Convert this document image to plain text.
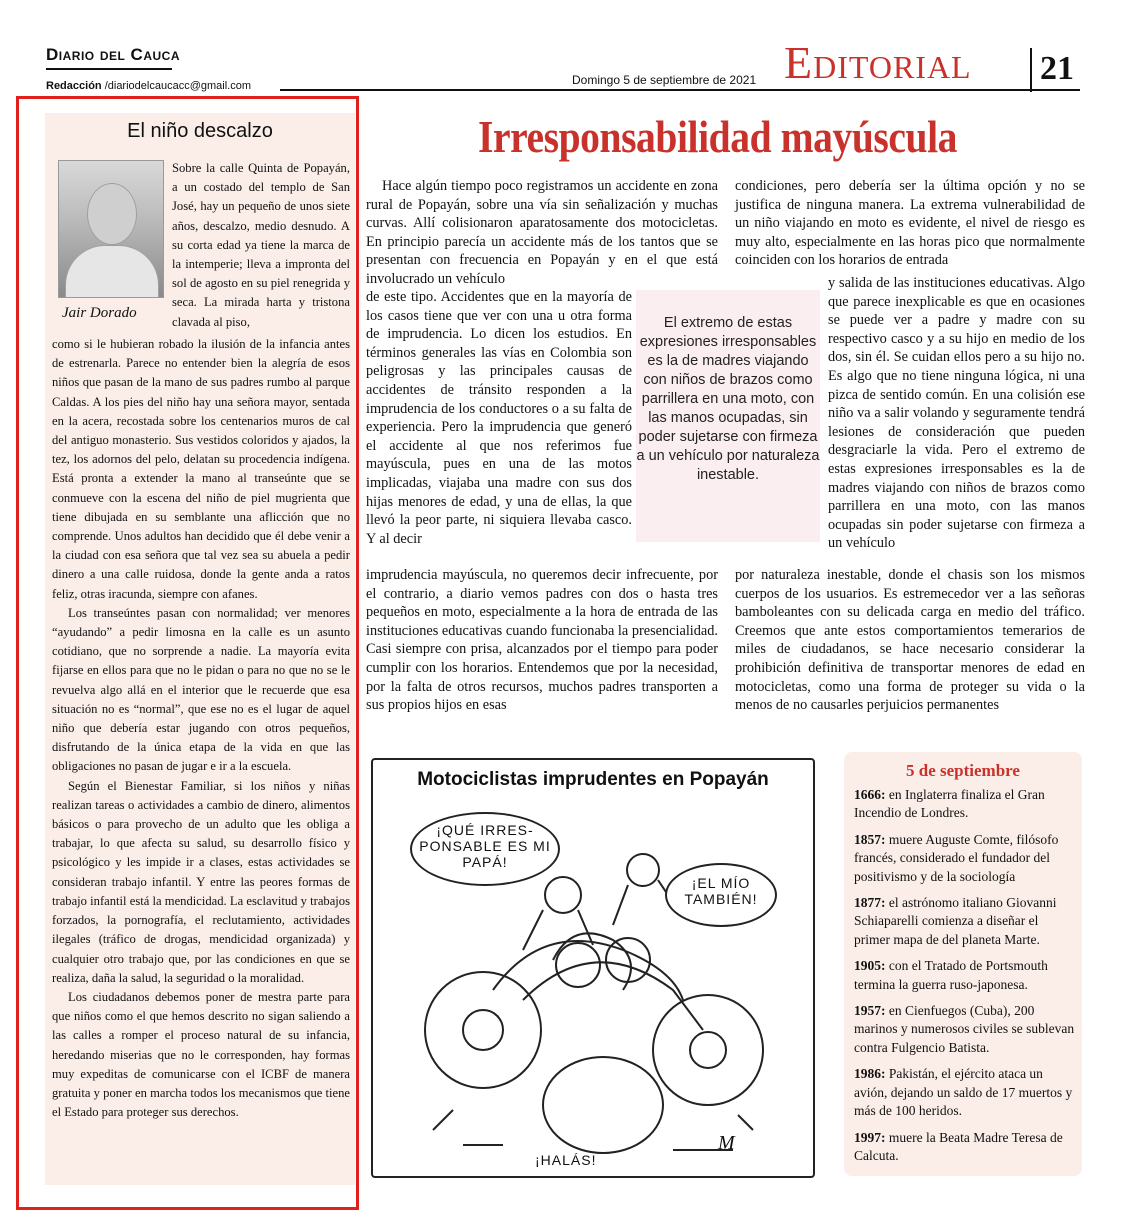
Diario del Cauca
Redacción /diariodelcaucacc@gmail.com	Domingo 5 de septiembre de 2021 Editorial 21
El niño descalzo
Jair Dorado
Sobre la calle Quinta de Popayán, a un costado del templo de San José, hay un pequeño de unos siete años, descalzo, medio desnudo. A su corta edad ya tiene la marca de la intemperie; lleva a impronta del sol de agosto en su piel renegrida y seca. La mirada harta y tristona clavada al piso,

como si le hubieran robado la ilusión de la infancia antes de estrenarla. Parece no entender bien la alegría de esos niños que pasan de la mano de sus padres rumbo al parque Caldas. A los pies del niño hay una señora mayor, sentada en la acera, recostada sobre los centenarios muros de cal del antiguo monasterio. Sus vestidos coloridos y ajados, la tez, los adornos del pelo, delatan su procedencia indígena. Está pronta a extender la mano al transeúnte que se conmueve con la escena del niño de piel mugrienta que tiene dibujada en su semblante una aflicción que no comprende. Unos adultos han decidido que él debe venir a la ciudad con esa señora que tal vez sea su abuela a pedir dinero a una calle ruidosa, donde la gente anda a ratos feliz, otras iracunda, siempre con afanes.

Los transeúntes pasan con normalidad; ver menores “ayudando” a pedir limosna en la calle es un asunto cotidiano, que no sorprende a nadie. La mayoría evita fijarse en ellos para que no le pidan o para no que no se le revuelva algo allá en el interior que le recuerde que esa situación no es “normal”, que ese no es el lugar de aquel niño que debería estar jugando con otros pequeños, disfrutando de la única etapa de la vida en que las obligaciones no pasan de jugar e ir a la escuela.

Según el Bienestar Familiar, si los niños y niñas realizan tareas o actividades a cambio de dinero, alimentos básicos o para provecho de un adulto que les obliga a trabajar, lo que afecta su salud, su desarrollo físico y psicológico y les impide ir a clases, estas actividades se consideran trabajo infantil. Y entre las peores formas de trabajo infantil está la mendicidad. La esclavitud y trabajos forzados, la pornografía, el reclutamiento, actividades ilegales (tráfico de drogas, mendicidad organizada) y cualquier otro trabajo que, por las condiciones en que se realiza, daña la salud, la seguridad o la moralidad.

Los ciudadanos debemos poner de mestra parte para que niños como el que hemos descrito no sigan saliendo a las calles a romper el proceso natural de su infancia, heredando miserias que no le corresponden, hay formas muy expeditas de comunicarse con el ICBF de manera gratuita y poner en marcha todos los mecanismos que tiene el Estado para proteger sus derechos.

Irresponsabilidad mayúscula

Hace algún tiempo poco registramos un accidente en zona rural de Popayán, sobre una vía sin señalización y muchas curvas. Allí colisionaron aparatosamente dos motocicletas. En principio parecía un accidente más de los tantos que se presentan con frecuencia en Popayán y en el que está involucrado un vehículo

de este tipo. Accidentes que en la mayoría de los casos tiene que ver con una u otra forma de imprudencia. Lo dicen los estudios. En términos generales las vías en Colombia son peligrosas y las principales causas de accidentes de tránsito responden a la imprudencia de los conductores o a su falta de experiencia. Pero la imprudencia que generó el accidente al que nos referimos fue mayúscula, pues en una de las motos implicadas, viajaba una madre con sus dos hijas menores de edad, y una de ellas, la que llevó la peor parte, ni siquiera llevaba casco. Y al decir
imprudencia mayúscula, no queremos decir infrecuente, por el contrario, a diario vemos padres con dos o hasta tres pequeños en moto, especialmente a la hora de entrada de las instituciones educativas cuando funcionaba la presencialidad. Casi siempre con prisa, alcanzados por el tiempo para poder cumplir con los horarios. Entendemos que por la necesidad, por la falta de otros recursos, muchos padres transporten a sus propios hijos en esas
condiciones, pero debería ser la última opción y no se justifica de ninguna manera. La extrema vulnerabilidad de un niño viajando en moto es evidente, el nivel de riesgo es muy alto, especialmente en las horas pico que normalmente coinciden con los horarios de entrada
y salida de las instituciones educativas. Algo que parece inexplicable es que en ocasiones se puede ver a padre y madre con su respectivo casco y a su hijo en medio de los dos, sin él. Se cuidan ellos pero a su hijo no. Es algo que no tiene ninguna lógica, ni una pizca de sentido común. En una colisión ese niño va a salir volando y seguramente tendrá lesiones de consideración que pueden desgraciarle la vida. Pero el extremo de estas expresiones irresponsables es la de madres viajando con niños de brazos como parrillera en una moto, con las manos ocupadas sin poder sujetarse con firmeza a un vehículo
por naturaleza inestable, donde el chasis son los mismos cuerpos de los usuarios. Es estremecedor ver a las señoras bamboleantes con su delicada carga en medio del tráfico. Creemos que ante estos comportamientos temerarios de miles de ciudadanos, se hace necesario considerar la prohibición definitiva de transportar menores de edad en motocicletas, como una forma de proteger su vida o la menos de no causarles perjuicios permanentes
El extremo de estas expresiones irresponsables es la de madres viajando con niños de brazos como parrillera en una moto, con las manos ocupadas, sin poder sujetarse con firmeza a un vehículo por naturaleza inestable.
Motociclistas imprudentes en Popayán
¡QUÉ IRRES-PONSABLE ES MI PAPÁ!
¡EL MÍO TAMBIÉN!
¡HALÁS!
M
5 de septiembre

1666: en Inglaterra finaliza el Gran Incendio de Londres.

1857: muere Auguste Comte, filósofo francés, considerado el fundador del positivismo y de la sociología

1877: el astrónomo italiano Giovanni Schiaparelli comienza a diseñar el primer mapa de del planeta Marte.

1905: con el Tratado de Portsmouth termina la guerra ruso-japonesa.

1957: en Cienfuegos (Cuba), 200 marinos y numerosos civiles se sublevan contra Fulgencio Batista.

1986: Pakistán, el ejército ataca un avión, dejando un saldo de 17 muertos y más de 100 heridos.

1997: muere la Beata Madre Teresa de Calcuta.
